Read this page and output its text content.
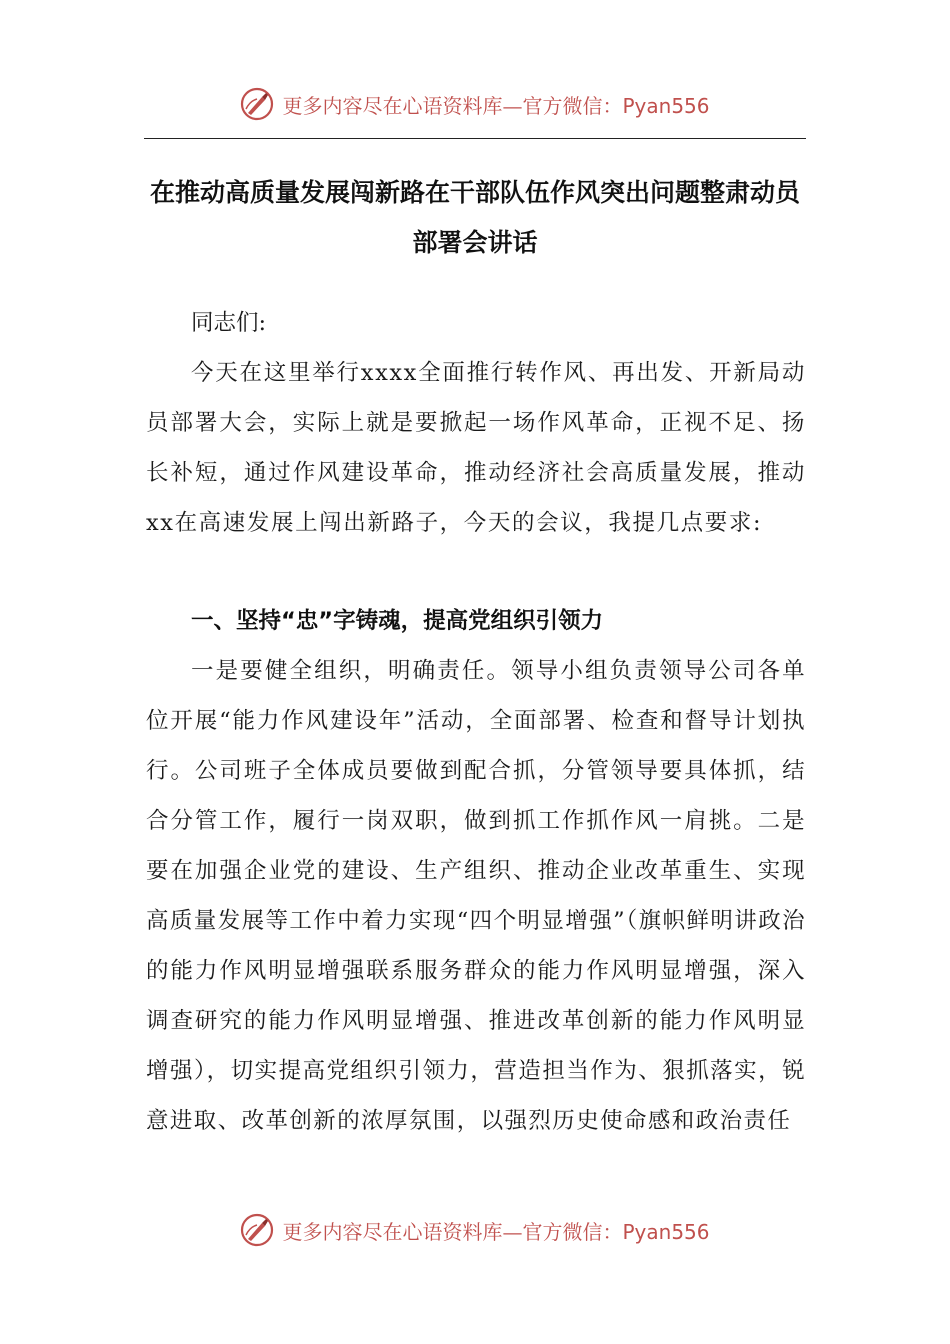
更多内容尽在心语资料库—官方微信：Pyan556
在推动高质量发展闯新路在干部队伍作风突出问题整肃动员部署会讲话
同志们:
今天在这里举行xxxx全面推行转作风、再出发、开新局动员部署大会，实际上就是要掀起一场作风革命，正视不足、扬长补短，通过作风建设革命，推动经济社会高质量发展，推动xx在高速发展上闯出新路子，今天的会议，我提几点要求:
一、坚持“忠”字铸魂，提高党组织引领力
一是要健全组织，明确责任。领导小组负责领导公司各单位开展“能力作风建设年”活动，全面部署、检查和督导计划执行。公司班子全体成员要做到配合抓，分管领导要具体抓，结合分管工作，履行一岗双职，做到抓工作抓作风一肩挑。二是要在加强企业党的建设、生产组织、推动企业改革重生、实现高质量发展等工作中着力实现“四个明显增强”（旗帜鲜明讲政治的能力作风明显增强联系服务群众的能力作风明显增强，深入调查研究的能力作风明显增强、推进改革创新的能力作风明显增强），切实提高党组织引领力，营造担当作为、狠抓落实，锐意进取、改革创新的浓厚氛围，以强烈历史使命感和政治责任
更多内容尽在心语资料库—官方微信：Pyan556
